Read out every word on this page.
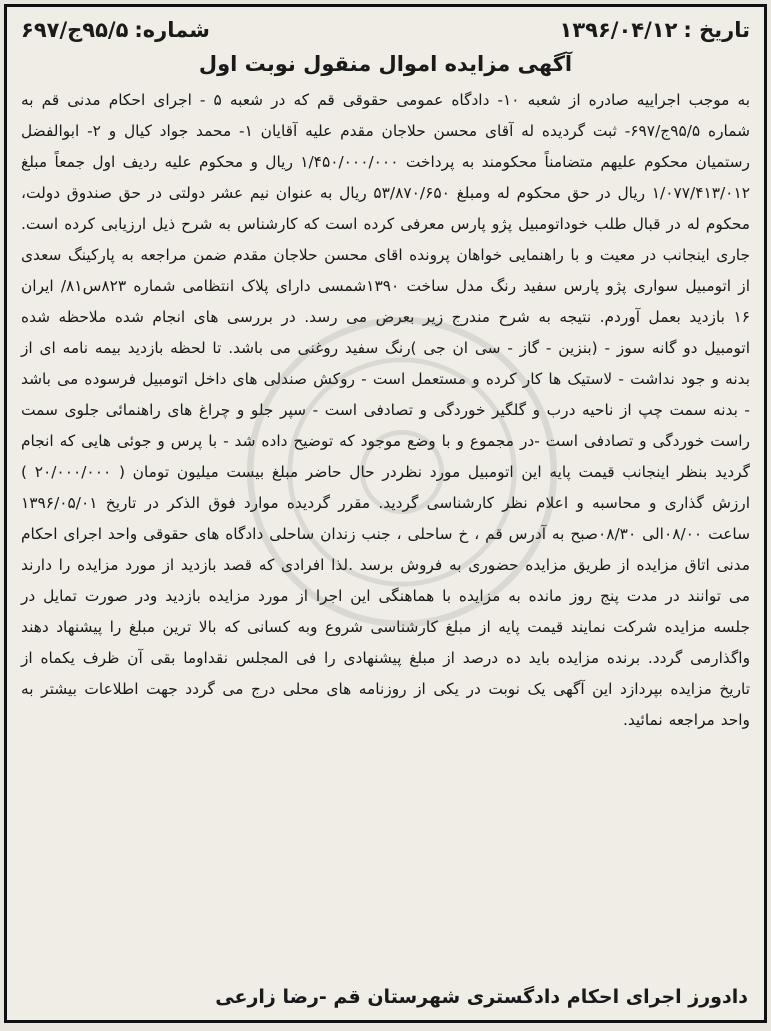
تاریخ :
۱۳۹۶/۰۴/۱۲
شماره:
۹۵/۵ج/۶۹۷
آگهی مزایده اموال منقول نوبت اول

به موجب اجراییه صادره از شعبه ۱۰- دادگاه عمومی حقوقی قم که در شعبه ۵ - اجرای احکام مدنی قم به شماره ۹۵/۵ج/۶۹۷- ثبت گردیده له آقای محسن حلاجان مقدم علیه آقایان ۱- محمد جواد کیال و ۲- ابوالفضل رستمیان محکوم علیهم متضامناً محکومند به پرداخت ۱/۴۵۰/۰۰۰/۰۰۰ ریال و محکوم علیه ردیف اول جمعاً مبلغ ۱/۰۷۷/۴۱۳/۰۱۲ ریال در حق محکوم له ومبلغ ۵۳/۸۷۰/۶۵۰ ریال به عنوان نیم عشر دولتی در حق صندوق دولت، محکوم له در قبال طلب خوداتومبیل پژو پارس معرفی کرده است که کارشناس به شرح ذیل ارزیابی کرده است. جاری اینجانب در معیت و با راهنمایی خواهان پرونده اقای محسن حلاجان مقدم ضمن مراجعه به پارکینگ سعدی از اتومبیل سواری پژو پارس سفید رنگ مدل ساخت ۱۳۹۰شمسی دارای پلاک انتظامی شماره ۸۲۳س۸۱/ ایران ۱۶ بازدید بعمل آوردم. نتیجه به شرح مندرج زیر بعرض می رسد. در بررسی های انجام شده ملاحظه شده اتومبیل دو گانه سوز - (بنزین - گاز - سی ان جی )رنگ سفید روغنی می باشد. تا لحظه بازدید بیمه نامه ای از بدنه و جود نداشت - لاستیک ها کار کرده و مستعمل است - روکش صندلی های داخل اتومبیل فرسوده می باشد - بدنه سمت چپ از ناحیه درب و گلگیر خوردگی و تصادفی است - سپر جلو و چراغ های راهنمائی جلوی سمت راست خوردگی و تصادفی است -در مجموع و با وضع موجود که توضیح داده شد - با پرس و جوئی هایی که انجام گردید بنظر اینجانب قیمت پایه این اتومبیل مورد نظردر حال حاضر مبلغ بیست میلیون تومان ( ۲۰/۰۰۰/۰۰۰ ) ارزش گذاری و محاسبه و اعلام نظر کارشناسی گردید. مقرر گردیده موارد فوق الذکر در تاریخ ۱۳۹۶/۰۵/۰۱ ساعت ۰۸/۰۰الی ۰۸/۳۰صبح به آدرس قم ، خ ساحلی ، جنب زندان ساحلی دادگاه های حقوقی واحد اجرای احکام مدنی اتاق مزایده از طریق مزایده حضوری به فروش برسد .لذا افرادی که قصد بازدید از مورد مزایده را دارند می توانند در مدت پنج روز مانده به مزایده با هماهنگی این اجرا از مورد مزایده بازدید ودر صورت تمایل در جلسه مزایده شرکت نمایند قیمت پایه از مبلغ کارشناسی شروع وبه کسانی که بالا ترین مبلغ را پیشنهاد دهند واگذارمی گردد. برنده مزایده باید ده درصد از مبلغ پیشنهادی را فی المجلس نقداوما بقی آن ظرف یکماه از تاریخ مزایده بپردازد این آگهی یک نوبت در یکی از روزنامه های محلی درج می گردد جهت اطلاعات بیشتر به واحد مراجعه نمائید.

دادورز اجرای احکام دادگستری شهرستان قم -رضا زارعی
